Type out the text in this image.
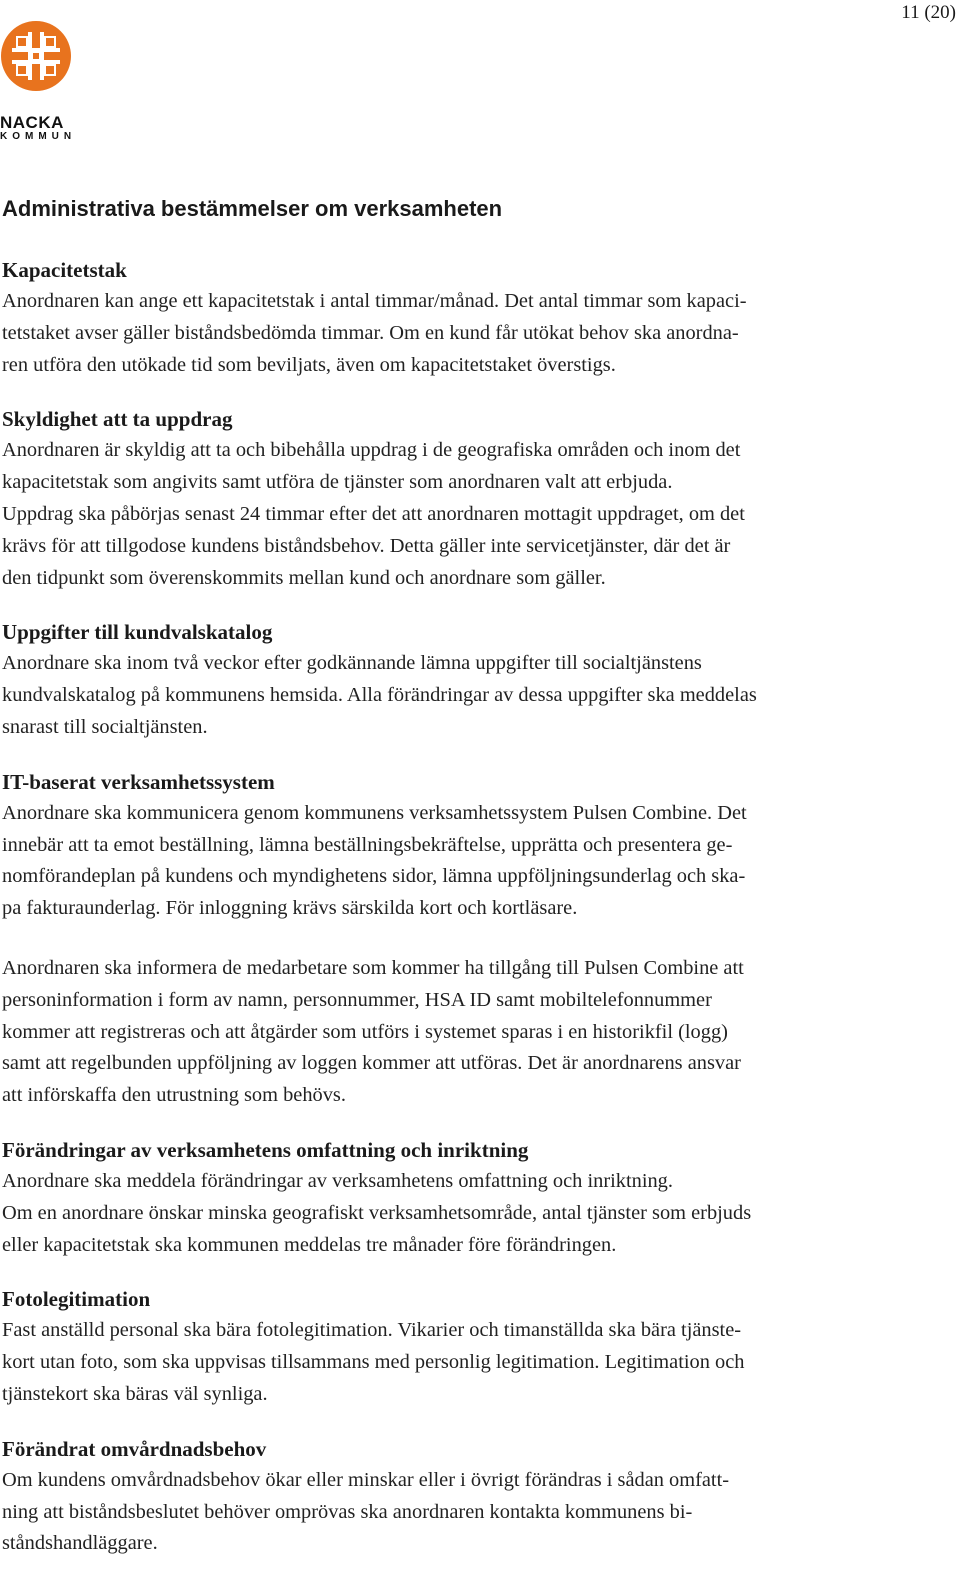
11 (20)
NACKA
KOMMUN
Administrativa bestämmelser om verksamheten
Kapacitetstak

Anordnaren kan ange ett kapacitetstak i antal timmar/månad. Det antal timmar som kapaci-
tetstaket avser gäller biståndsbedömda timmar. Om en kund får utökat behov ska anordna-
ren utföra den utökade tid som beviljats, även om kapacitetstaket överstigs.

Skyldighet att ta uppdrag

Anordnaren är skyldig att ta och bibehålla uppdrag i de geografiska områden och inom det
kapacitetstak som angivits samt utföra de tjänster som anordnaren valt att erbjuda.
Uppdrag ska påbörjas senast 24 timmar efter det att anordnaren mottagit uppdraget, om det
krävs för att tillgodose kundens biståndsbehov. Detta gäller inte servicetjänster, där det är
den tidpunkt som överenskommits mellan kund och anordnare som gäller.

Uppgifter till kundvalskatalog

Anordnare ska inom två veckor efter godkännande lämna uppgifter till socialtjänstens
kundvalskatalog på kommunens hemsida. Alla förändringar av dessa uppgifter ska meddelas
snarast till socialtjänsten.

IT-baserat verksamhetssystem

Anordnare ska kommunicera genom kommunens verksamhetssystem Pulsen Combine. Det
innebär att ta emot beställning, lämna beställningsbekräftelse, upprätta och presentera ge-
nomförandeplan på kundens och myndighetens sidor, lämna uppföljningsunderlag och ska-
pa fakturaunderlag. För inloggning krävs särskilda kort och kortläsare.

Anordnaren ska informera de medarbetare som kommer ha tillgång till Pulsen Combine att
personinformation i form av namn, personnummer, HSA ID samt mobiltelefonnummer
kommer att registreras och att åtgärder som utförs i systemet sparas i en historikfil (logg)
samt att regelbunden uppföljning av loggen kommer att utföras. Det är anordnarens ansvar
att införskaffa den utrustning som behövs.

Förändringar av verksamhetens omfattning och inriktning

Anordnare ska meddela förändringar av verksamhetens omfattning och inriktning.
Om en anordnare önskar minska geografiskt verksamhetsområde, antal tjänster som erbjuds
eller kapacitetstak ska kommunen meddelas tre månader före förändringen.

Fotolegitimation

Fast anställd personal ska bära fotolegitimation. Vikarier och timanställda ska bära tjänste-
kort utan foto, som ska uppvisas tillsammans med personlig legitimation. Legitimation och
tjänstekort ska bäras väl synliga.

Förändrat omvårdnadsbehov

Om kundens omvårdnadsbehov ökar eller minskar eller i övrigt förändras i sådan omfatt-
ning att biståndsbeslutet behöver omprövas ska anordnaren kontakta kommunens bi-
ståndshandläggare.
